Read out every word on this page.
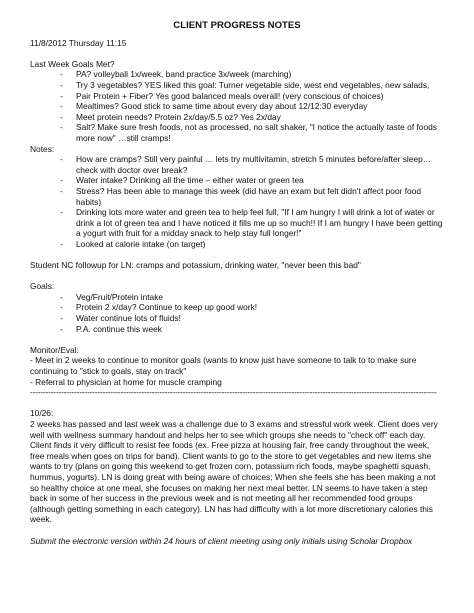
CLIENT PROGRESS NOTES

11/8/2012 Thursday 11:15

Last Week Goals Met?

- PA? volleyball 1x/week, band practice 3x/week (marching)
- Try 3 vegetables? YES liked this goal: Turner vegetable side, west end vegetables, new salads,
- Pair Protein + Fiber? Yes good balanced meals overall! (very conscious of choices)
- Mealtimes? Good stick to same time about every day about 12/12:30 everyday
- Meet protein needs? Protein 2x/day/5.5 oz? Yes 2x/day
- Salt? Make sure fresh foods, not as processed, no salt shaker, "I notice the actually taste of foods more now" …still cramps!

Notes:

- How are cramps? Still very painful … lets try multivitamin, stretch 5 minutes before/after sleep… check with doctor over break?
- Water intake? Drinking all the time – either water or green tea
- Stress? Has been able to manage this week (did have an exam but felt didn't affect poor food habits)
- Drinking lots more water and green tea to help feel full, "If I am hungry I will drink a lot of water or drink a lot of green tea and I have noticed it fills me up so much!! If I am hungry I have been getting a yogurt with fruit for a midday snack to help stay full longer!"
- Looked at calorie intake (on target)

Student NC followup for LN: cramps and potassium, drinking water, "never been this bad"

Goals:

- Veg/Fruit/Protein intake
- Protein 2 x/day? Continue to keep up good work!
- Water continue lots of fluids!
- P.A. continue this week

Monitor/Eval:

- Meet in 2 weeks to continue to monitor goals (wants to know just have someone to talk to to make sure continuing to "stick to goals, stay on track"

- Referral to physician at home for muscle cramping

-------------------------------------------------------------------------------------------------------------------------------------------------------------

10/26:

2 weeks has passed and last week was a challenge due to 3 exams and stressful work week. Client does very well with wellness summary handout and helps her to see which groups she needs to "check off" each day. Client finds it very difficult to resist fee foods (ex. Free pizza at housing fair, free candy throughout the week, free meals when goes on trips for band). Client wants to go to the store to get vegetables and new items she wants to try (plans on going this weekend to get frozen corn, potassium rich foods, maybe spaghetti squash, hummus, yogurts). LN is doing great with being aware of choices; When she feels she has been making a not so healthy choice at one meal, she focuses on making her next meal better. LN seems to have taken a step back in some of her success in the previous week and is not meeting all her recommended food groups (although getting something in each category). LN has had difficulty with a lot more discretionary calories this week.

Submit the electronic version within 24 hours of client meeting using only initials using Scholar Dropbox
